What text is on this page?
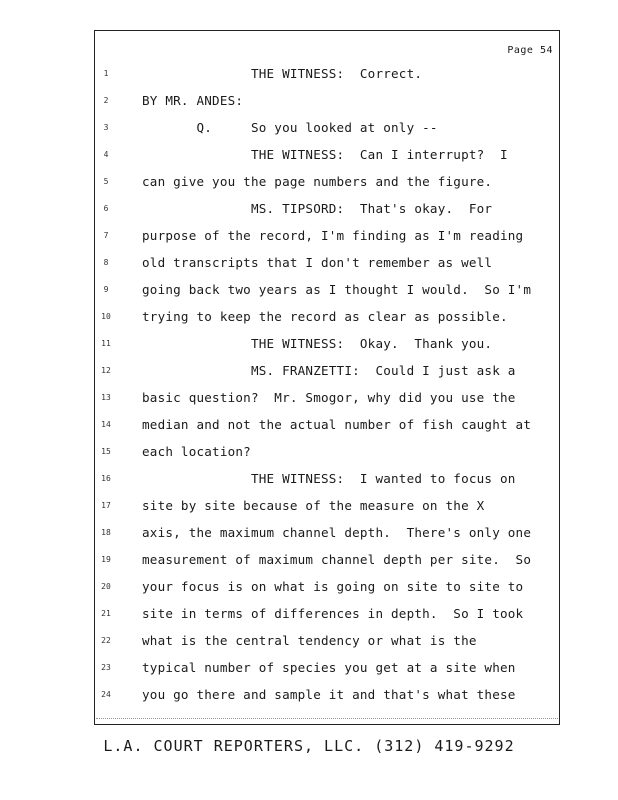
Page 54
1	THE WITNESS:  Correct.
2	BY MR. ANDES:
3	Q.     So you looked at only --
4	THE WITNESS:  Can I interrupt?  I
5	can give you the page numbers and the figure.
6	MS. TIPSORD:  That's okay.  For
7	purpose of the record, I'm finding as I'm reading
8	old transcripts that I don't remember as well
9	going back two years as I thought I would.  So I'm
10	trying to keep the record as clear as possible.
11	THE WITNESS:  Okay.  Thank you.
12	MS. FRANZETTI:  Could I just ask a
13	basic question?  Mr. Smogor, why did you use the
14	median and not the actual number of fish caught at
15	each location?
16	THE WITNESS:  I wanted to focus on
17	site by site because of the measure on the X
18	axis, the maximum channel depth.  There's only one
19	measurement of maximum channel depth per site.  So
20	your focus is on what is going on site to site to
21	site in terms of differences in depth.  So I took
22	what is the central tendency or what is the
23	typical number of species you get at a site when
24	you go there and sample it and that's what these
L.A. COURT REPORTERS, LLC. (312) 419-9292
